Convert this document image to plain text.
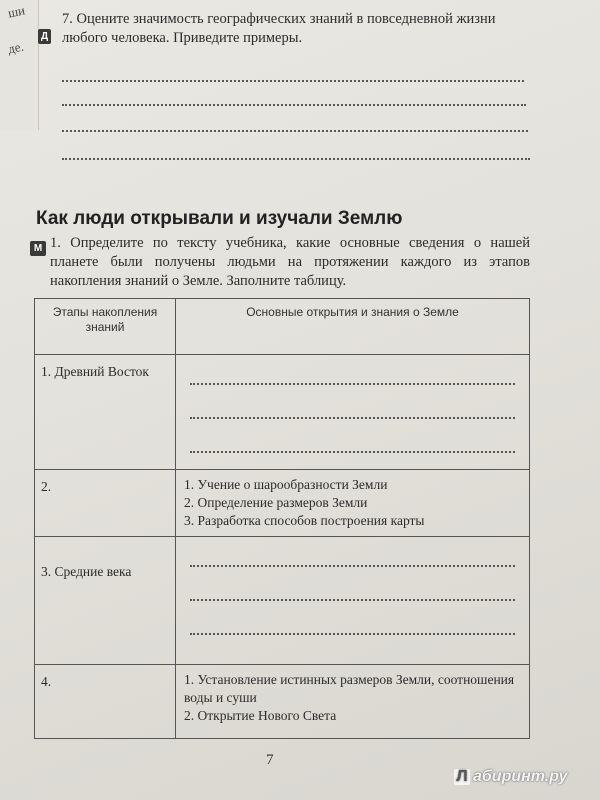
ши
де.
Д
7. Оцените значимость географических знаний в повседневной жизни любого человека. Приведите примеры.
Как люди открывали и изучали Землю
М 1. Определите по тексту учебника, какие основные сведения о нашей планете были получены людьми на протяжении каждого из этапов накопления знаний о Земле. Заполните таблицу.
Этапы накопления знаний	Основные открытия и знания о Земле
1. Древний Восток	

2.	1. Учение о шарообразности Земли
2. Определение размеров Земли
3. Разработка способов построения карты

3. Средние века	

4.	1. Установление истинных размеров Земли, соотношения воды и суши
2. Открытие Нового Света
7
Л абиринт.ру
